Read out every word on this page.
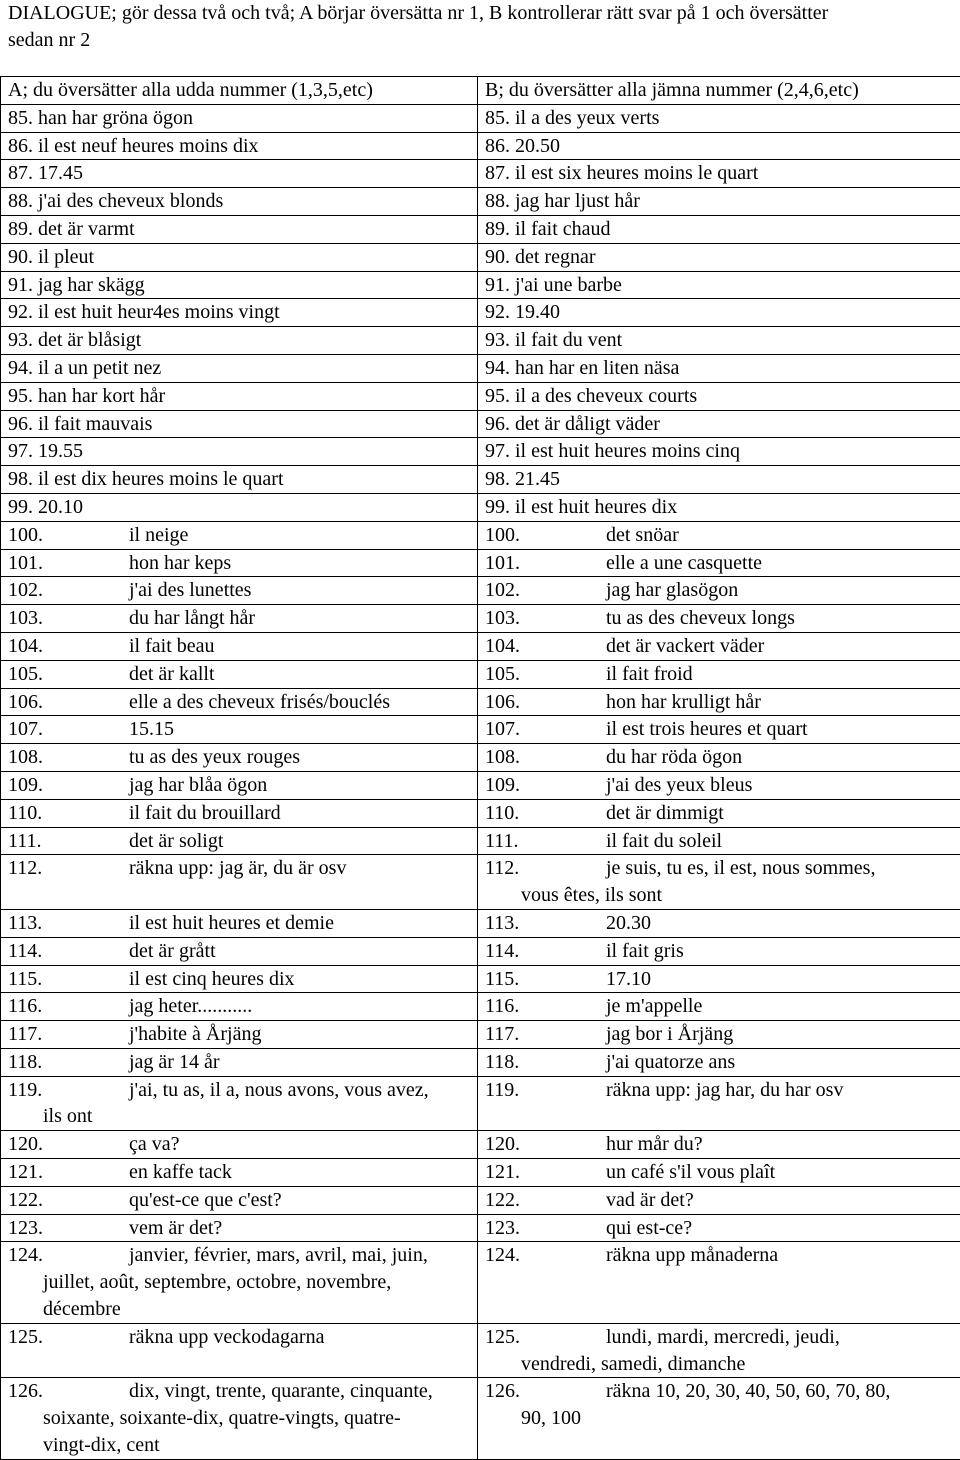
DIALOGUE; gör dessa två och två; A börjar översätta nr 1, B kontrollerar rätt svar på 1 och översätter
sedan nr 2
A; du översätter alla udda nummer (1,3,5,etc)	B; du översätter alla jämna nummer (2,4,6,etc)
85. han har gröna ögon	85. il a des yeux verts
86. il est neuf heures moins dix	86. 20.50
87. 17.45	87. il est six heures moins le quart
88. j'ai des cheveux blonds	88. jag har ljust hår
89. det är varmt	89. il fait chaud
90. il pleut	90. det regnar
91. jag har skägg	91. j'ai une barbe
92. il est huit heur4es moins vingt	92. 19.40
93. det är blåsigt	93. il fait du vent
94. il a un petit nez	94. han har en liten näsa
95. han har kort hår	95. il a des cheveux courts
96. il fait mauvais	96. det är dåligt väder
97. 19.55	97. il est huit heures moins cinq
98. il est dix heures moins le quart	98. 21.45
99. 20.10	99. il est huit heures dix

100. il neige	100. det snöar

101. hon har keps	101. elle a une casquette

102. j'ai des lunettes	102. jag har glasögon

103. du har långt hår	103. tu as des cheveux longs

104. il fait beau	104. det är vackert väder

105. det är kallt	105. il fait froid

106. elle a des cheveux frisés/bouclés	106. hon har krulligt hår

107. 15.15	107. il est trois heures et quart

108. tu as des yeux rouges	108. du har röda ögon

109. jag har blåa ögon	109. j'ai des yeux bleus

110. il fait du brouillard	110. det är dimmigt

111. det är soligt	111. il fait du soleil

112. räkna upp: jag är, du är osv	112. je suis, tu es, il est, nous sommes,
vous êtes, ils sont

113. il est huit heures et demie	113. 20.30

114. det är grått	114. il fait gris

115. il est cinq heures dix	115. 17.10

116. jag heter...........	116. je m'appelle

117. j'habite à Årjäng	117. jag bor i Årjäng

118. jag är 14 år	118. j'ai quatorze ans

119. j'ai, tu as, il a, nous avons, vous avez,
ils ont	119. räkna upp: jag har, du har osv

120. ça va?	120. hur mår du?

121. en kaffe tack	121. un café s'il vous plaît

122. qu'est-ce que c'est?	122. vad är det?

123. vem är det?	123. qui est-ce?

124. janvier, février, mars, avril, mai, juin,
juillet, août, septembre, octobre, novembre,
décembre	124. räkna upp månaderna

125. räkna upp veckodagarna	125. lundi, mardi, mercredi, jeudi,
vendredi, samedi, dimanche

126. dix, vingt, trente, quarante, cinquante,
soixante, soixante-dix, quatre-vingts, quatre-
vingt-dix, cent	126. räkna 10, 20, 30, 40, 50, 60, 70, 80,
90, 100
